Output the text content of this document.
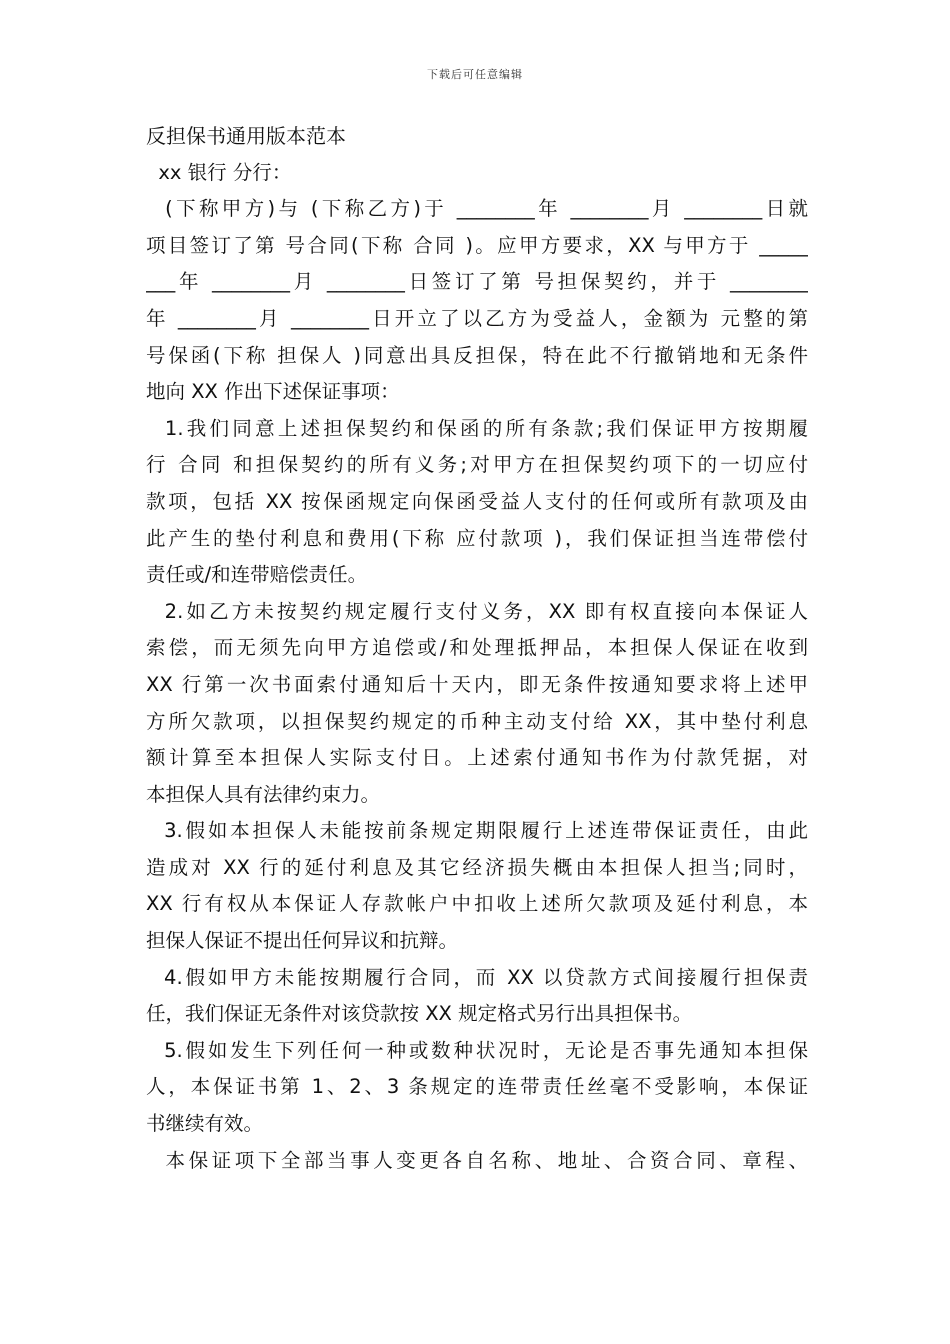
下载后可任意编辑
反担保书通用版本范本
xx 银行 分行：
(下称甲方)与 (下称乙方)于 ________年 ________月 ________日就
项目签订了第 号合同(下称 合同 )。应甲方要求，XX 与甲方于 _____
___年 ________月 ________日签订了第 号担保契约，并于 ________
年 ________月 ________日开立了以乙方为受益人，金额为 元整的第
号保函(下称 担保人 )同意出具反担保，特在此不行撤销地和无条件
地向 XX 作出下述保证事项：
1.我们同意上述担保契约和保函的所有条款;我们保证甲方按期履
行 合同 和担保契约的所有义务;对甲方在担保契约项下的一切应付
款项，包括 XX 按保函规定向保函受益人支付的任何或所有款项及由
此产生的垫付利息和费用(下称 应付款项 )，我们保证担当连带偿付
责任或/和连带赔偿责任。
2.如乙方未按契约规定履行支付义务，XX 即有权直接向本保证人
索偿，而无须先向甲方追偿或/和处理抵押品，本担保人保证在收到
XX 行第一次书面索付通知后十天内，即无条件按通知要求将上述甲
方所欠款项，以担保契约规定的币种主动支付给 XX，其中垫付利息
额计算至本担保人实际支付日。上述索付通知书作为付款凭据，对
本担保人具有法律约束力。
3.假如本担保人未能按前条规定期限履行上述连带保证责任，由此
造成对 XX 行的延付利息及其它经济损失概由本担保人担当;同时，
XX 行有权从本保证人存款帐户中扣收上述所欠款项及延付利息，本
担保人保证不提出任何异议和抗辩。
4.假如甲方未能按期履行合同，而 XX 以贷款方式间接履行担保责
任，我们保证无条件对该贷款按 XX 规定格式另行出具担保书。
5.假如发生下列任何一种或数种状况时，无论是否事先通知本担保
人，本保证书第 1、2、3 条规定的连带责任丝毫不受影响，本保证
书继续有效。
本保证项下全部当事人变更各自名称、地址、合资合同、章程、
